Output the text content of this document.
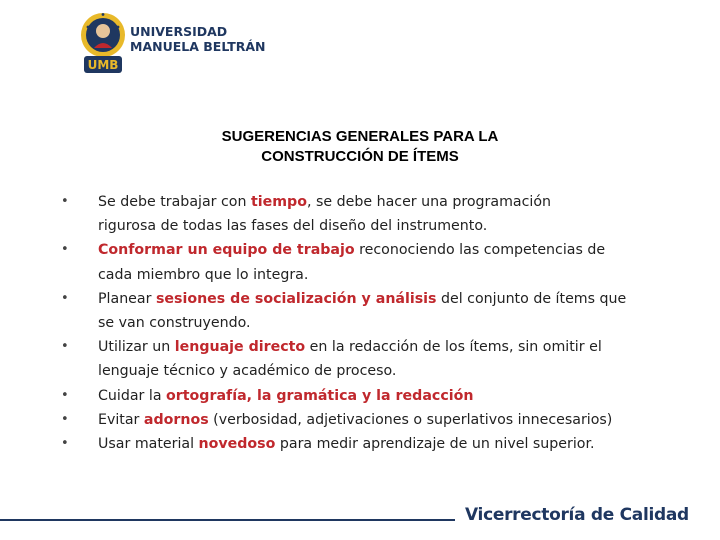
UMB

UNIVERSIDAD
MANUELA BELTRÁN

SUGERENCIAS GENERALES PARA LA
CONSTRUCCIÓN DE ÍTEMS
• Se debe trabajar con tiempo, se debe hacer una programación
rigurosa de todas las fases del diseño del instrumento.
• Conformar un equipo de trabajo reconociendo las competencias de
cada miembro que lo integra.
• Planear sesiones de socialización y análisis del conjunto de ítems que
se van construyendo.
• Utilizar un lenguaje directo en la redacción de los ítems, sin omitir el
lenguaje técnico y académico de proceso.
• Cuidar la ortografía, la gramática y la redacción
• Evitar adornos (verbosidad, adjetivaciones o superlativos innecesarios)
• Usar material novedoso para medir aprendizaje de un nivel superior.

Vicerrectoría de Calidad
